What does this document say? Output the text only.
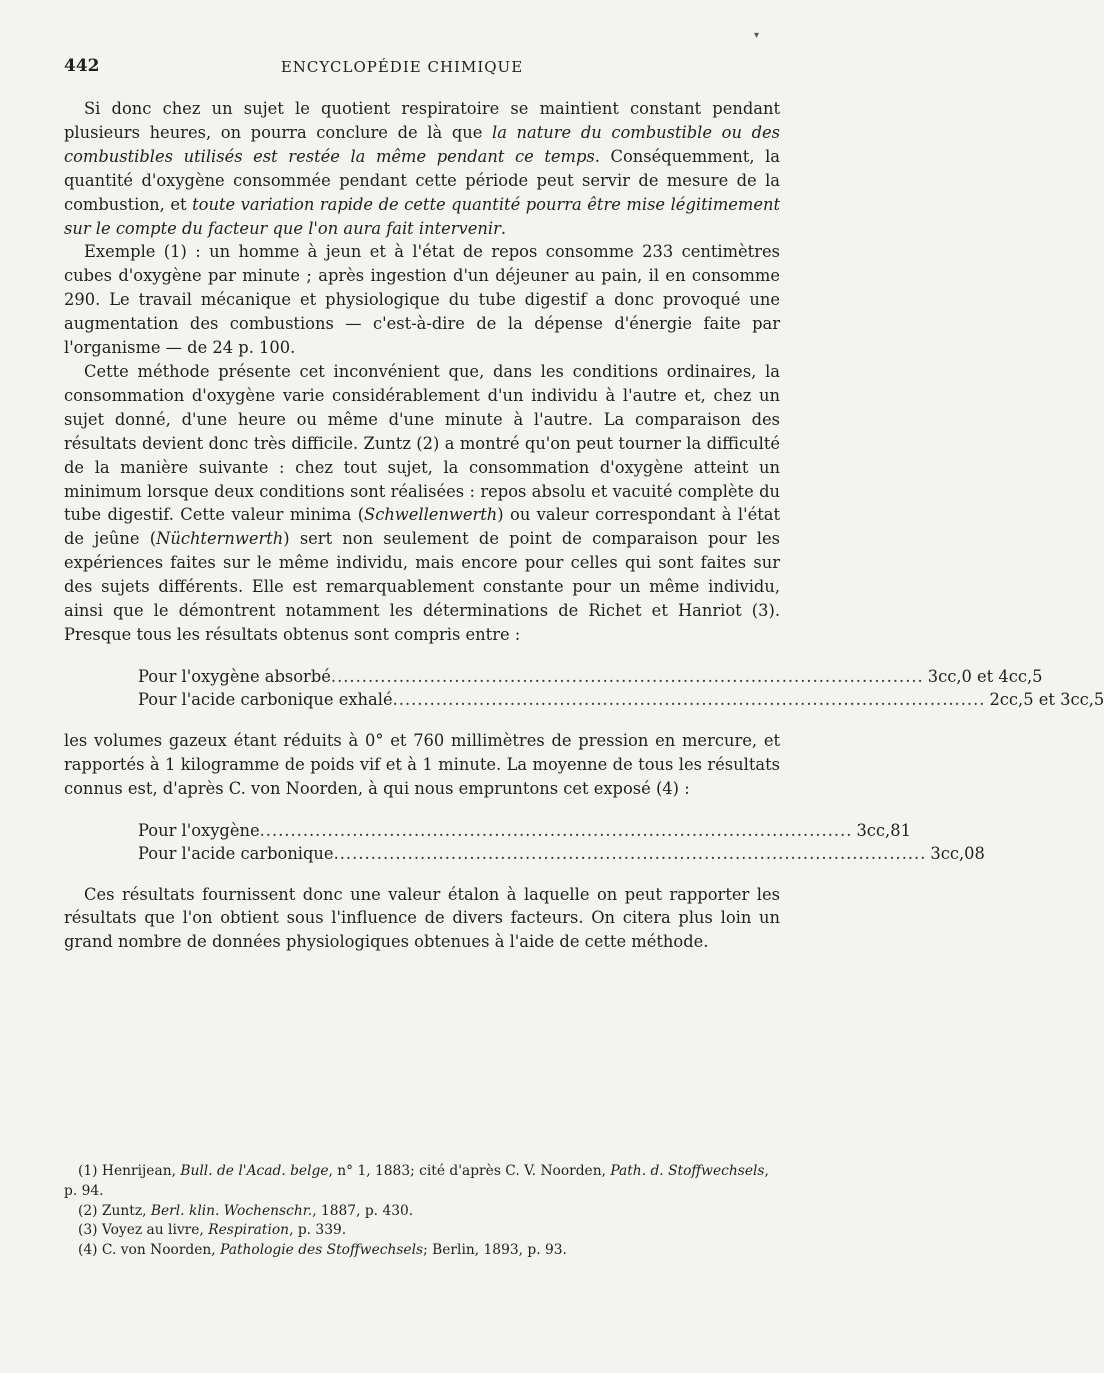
442	ENCYCLOPÉDIE CHIMIQUE
▾

Si donc chez un sujet le quotient respiratoire se maintient constant pendant plusieurs heures, on pourra conclure de là que la nature du combustible ou des combustibles utilisés est restée la même pendant ce temps. Conséquemment, la quantité d'oxygène consommée pendant cette période peut servir de mesure de la combustion, et toute variation rapide de cette quantité pourra être mise légitimement sur le compte du facteur que l'on aura fait intervenir.

Exemple (1) : un homme à jeun et à l'état de repos consomme 233 centimètres cubes d'oxygène par minute ; après ingestion d'un déjeuner au pain, il en consomme 290. Le travail mécanique et physiologique du tube digestif a donc provoqué une augmentation des combustions — c'est-à-dire de la dépense d'énergie faite par l'organisme — de 24 p. 100.

Cette méthode présente cet inconvénient que, dans les conditions ordinaires, la consommation d'oxygène varie considérablement d'un individu à l'autre et, chez un sujet donné, d'une heure ou même d'une minute à l'autre. La comparaison des résultats devient donc très difficile. Zuntz (2) a montré qu'on peut tourner la difficulté de la manière suivante : chez tout sujet, la consommation d'oxygène atteint un minimum lorsque deux conditions sont réalisées : repos absolu et vacuité complète du tube digestif. Cette valeur minima (Schwellenwerth) ou valeur correspondant à l'état de jeûne (Nüchternwerth) sert non seulement de point de comparaison pour les expériences faites sur le même individu, mais encore pour celles qui sont faites sur des sujets différents. Elle est remarquablement constante pour un même individu, ainsi que le démontrent notamment les déterminations de Richet et Hanriot (3). Presque tous les résultats obtenus sont compris entre :

Pour l'oxygène absorbé ................................................................................................ 3cc,0 et 4cc,5
Pour l'acide carbonique exhalé ................................................................................................ 2cc,5 et 3cc,5

les volumes gazeux étant réduits à 0° et 760 millimètres de pression en mercure, et rapportés à 1 kilogramme de poids vif et à 1 minute. La moyenne de tous les résultats connus est, d'après C. von Noorden, à qui nous empruntons cet exposé (4) :

Pour l'oxygène ................................................................................................ 3cc,81
Pour l'acide carbonique ................................................................................................ 3cc,08

Ces résultats fournissent donc une valeur étalon à laquelle on peut rapporter les résultats que l'on obtient sous l'influence de divers facteurs. On citera plus loin un grand nombre de données physiologiques obtenues à l'aide de cette méthode.

(1) Henrijean, Bull. de l'Acad. belge, n° 1, 1883; cité d'après C. V. Noorden, Path. d. Stoffwechsels, p. 94.
(2) Zuntz, Berl. klin. Wochenschr., 1887, p. 430.
(3) Voyez au livre, Respiration, p. 339.
(4) C. von Noorden, Pathologie des Stoffwechsels; Berlin, 1893, p. 93.
